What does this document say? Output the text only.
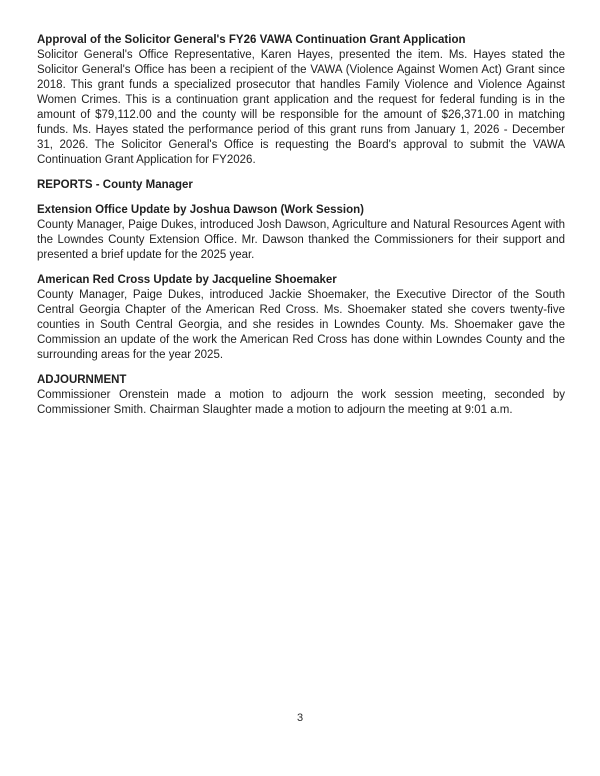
Approval of the Solicitor General's FY26 VAWA Continuation Grant Application

Solicitor General's Office Representative, Karen Hayes, presented the item. Ms. Hayes stated the Solicitor General's Office has been a recipient of the VAWA (Violence Against Women Act) Grant since 2018. This grant funds a specialized prosecutor that handles Family Violence and Violence Against Women Crimes. This is a continuation grant application and the request for federal funding is in the amount of $79,112.00 and the county will be responsible for the amount of $26,371.00 in matching funds. Ms. Hayes stated the performance period of this grant runs from January 1, 2026 - December 31, 2026. The Solicitor General's Office is requesting the Board's approval to submit the VAWA Continuation Grant Application for FY2026.

REPORTS - County Manager
Extension Office Update by Joshua Dawson (Work Session)

County Manager, Paige Dukes, introduced Josh Dawson, Agriculture and Natural Resources Agent with the Lowndes County Extension Office. Mr. Dawson thanked the Commissioners for their support and presented a brief update for the 2025 year.

American Red Cross Update by Jacqueline Shoemaker

County Manager, Paige Dukes, introduced Jackie Shoemaker, the Executive Director of the South Central Georgia Chapter of the American Red Cross. Ms. Shoemaker stated she covers twenty-five counties in South Central Georgia, and she resides in Lowndes County. Ms. Shoemaker gave the Commission an update of the work the American Red Cross has done within Lowndes County and the surrounding areas for the year 2025.

ADJOURNMENT

Commissioner Orenstein made a motion to adjourn the work session meeting, seconded by Commissioner Smith. Chairman Slaughter made a motion to adjourn the meeting at 9:01 a.m.

3
